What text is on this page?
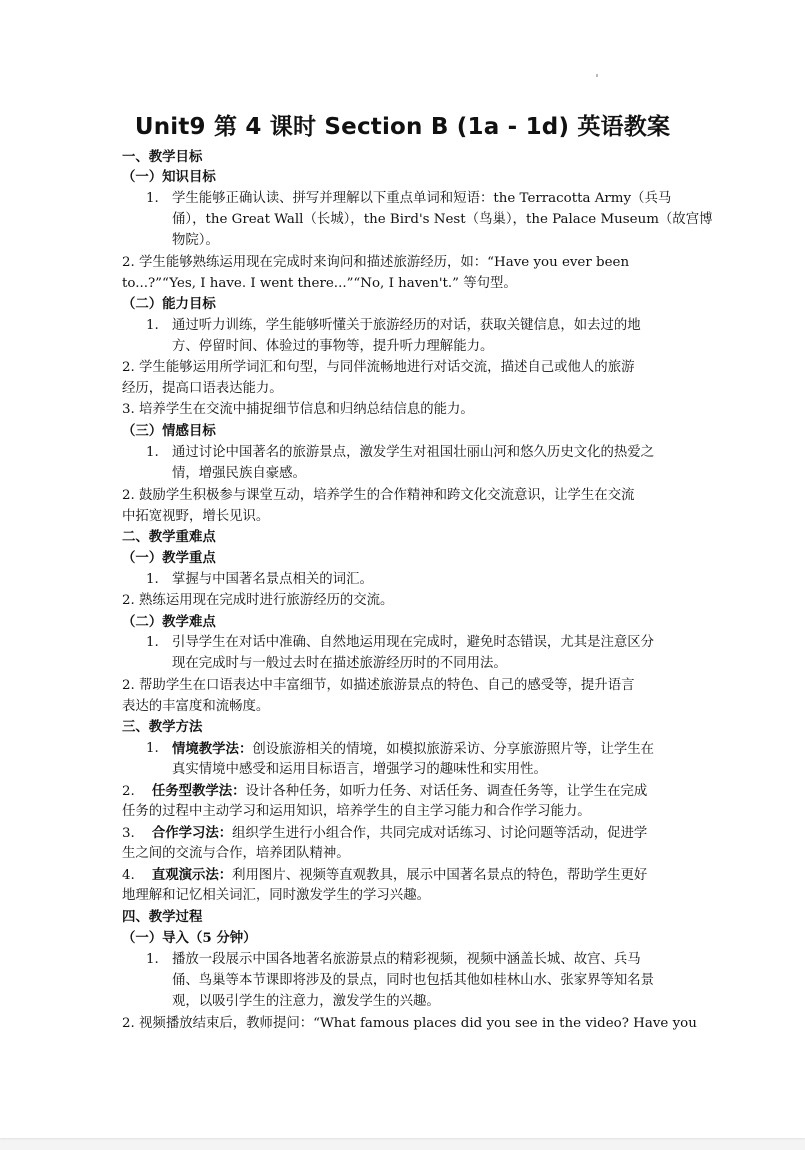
Unit9 第 4 课时 Section B (1a - 1d) 英语教案
一、教学目标
（一）知识目标
1. 学生能够正确认读、拼写并理解以下重点单词和短语：the Terracotta Army（兵马
俑），the Great Wall（长城），the Bird's Nest（鸟巢），the Palace Museum（故宫博
物院）。
2. 学生能够熟练运用现在完成时来询问和描述旅游经历，如：“Have you ever been
to...?”“Yes, I have. I went there...”“No, I haven't.” 等句型。
（二）能力目标
1. 通过听力训练，学生能够听懂关于旅游经历的对话，获取关键信息，如去过的地
方、停留时间、体验过的事物等，提升听力理解能力。
2. 学生能够运用所学词汇和句型，与同伴流畅地进行对话交流，描述自己或他人的旅游
经历，提高口语表达能力。
3. 培养学生在交流中捕捉细节信息和归纳总结信息的能力。
（三）情感目标
1. 通过讨论中国著名的旅游景点，激发学生对祖国壮丽山河和悠久历史文化的热爱之
情，增强民族自豪感。
2. 鼓励学生积极参与课堂互动，培养学生的合作精神和跨文化交流意识，让学生在交流
中拓宽视野，增长见识。
二、教学重难点
（一）教学重点
1. 掌握与中国著名景点相关的词汇。
2. 熟练运用现在完成时进行旅游经历的交流。
（二）教学难点
1. 引导学生在对话中准确、自然地运用现在完成时，避免时态错误，尤其是注意区分
现在完成时与一般过去时在描述旅游经历时的不同用法。
2. 帮助学生在口语表达中丰富细节，如描述旅游景点的特色、自己的感受等，提升语言
表达的丰富度和流畅度。
三、教学方法
1. 情境教学法：创设旅游相关的情境，如模拟旅游采访、分享旅游照片等，让学生在
真实情境中感受和运用目标语言，增强学习的趣味性和实用性。
2. 任务型教学法：设计各种任务，如听力任务、对话任务、调查任务等，让学生在完成
任务的过程中主动学习和运用知识，培养学生的自主学习能力和合作学习能力。
3. 合作学习法：组织学生进行小组合作，共同完成对话练习、讨论问题等活动，促进学
生之间的交流与合作，培养团队精神。
4. 直观演示法：利用图片、视频等直观教具，展示中国著名景点的特色，帮助学生更好
地理解和记忆相关词汇，同时激发学生的学习兴趣。
四、教学过程
（一）导入（5 分钟）
1. 播放一段展示中国各地著名旅游景点的精彩视频，视频中涵盖长城、故宫、兵马
俑、鸟巢等本节课即将涉及的景点，同时也包括其他如桂林山水、张家界等知名景
观，以吸引学生的注意力，激发学生的兴趣。
2. 视频播放结束后，教师提问：“What famous places did you see in the video? Have you
